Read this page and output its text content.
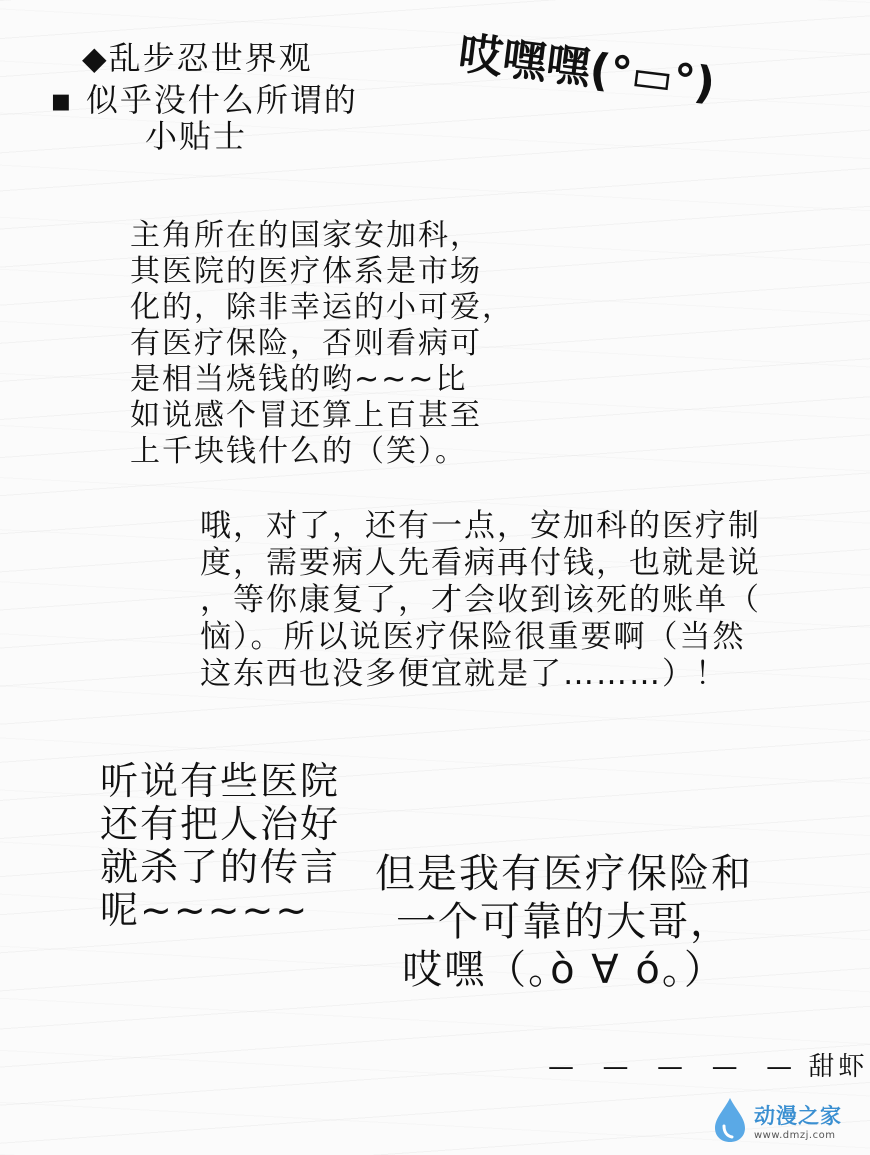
◆乱步忍世界观
▪ 似乎没什么所谓的
小贴士
哎嘿嘿(°▭°)
主角所在的国家安加科，
其医院的医疗体系是市场
化的，除非幸运的小可爱，
有医疗保险，否则看病可
是相当烧钱的哟~~~比
如说感个冒还算上百甚至
上千块钱什么的（笑）。
哦，对了，还有一点，安加科的医疗制
度，需要病人先看病再付钱，也就是说
，等你康复了，才会收到该死的账单（
恼）。所以说医疗保险很重要啊（当然
这东西也没多便宜就是了………）！
听说有些医院
还有把人治好
就杀了的传言
呢~~~~~
但是我有医疗保险和
一个可靠的大哥，
哎嘿（｡ò ∀ ó｡）
—  —  —  —  — 甜虾
动漫之家
www.dmzj.com
